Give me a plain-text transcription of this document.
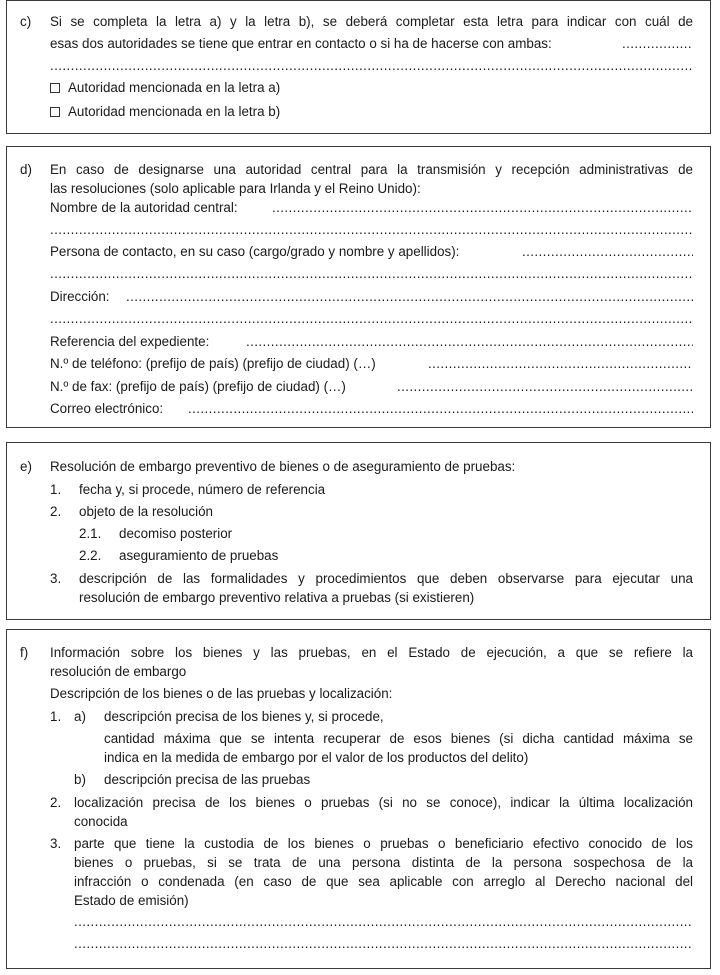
c) Si se completa la letra a) y la letra b), se deberá completar esta letra para indicar con cuál de
esas dos autoridades se tiene que entrar en contacto o si ha de hacerse con ambas:
.....
.....
Autoridad mencionada en la letra a)
Autoridad mencionada en la letra b)
d) En caso de designarse una autoridad central para la transmisión y recepción administrativas de
las resoluciones (solo aplicable para Irlanda y el Reino Unido):
Nombre de la autoridad central:
.....
.....
Persona de contacto, en su caso (cargo/grado y nombre y apellidos):
.....
.....
Dirección:
.....
.....
Referencia del expediente:
.....
N.º de teléfono: (prefijo de país) (prefijo de ciudad) (…)
.....
N.º de fax: (prefijo de país) (prefijo de ciudad) (…)
.....
Correo electrónico:
.....
e) Resolución de embargo preventivo de bienes o de aseguramiento de pruebas:
1. fecha y, si procede, número de referencia
2. objeto de la resolución
2.1. decomiso posterior
2.2. aseguramiento de pruebas
3. descripción de las formalidades y procedimientos que deben observarse para ejecutar una
resolución de embargo preventivo relativa a pruebas (si existieren)
f) Información sobre los bienes y las pruebas, en el Estado de ejecución, a que se refiere la
resolución de embargo
Descripción de los bienes o de las pruebas y localización:
1. a) descripción precisa de los bienes y, si procede,
cantidad máxima que se intenta recuperar de esos bienes (si dicha cantidad máxima se
indica en la medida de embargo por el valor de los productos del delito)
b) descripción precisa de las pruebas
2. localización precisa de los bienes o pruebas (si no se conoce), indicar la última localización
conocida
3. parte que tiene la custodia de los bienes o pruebas o beneficiario efectivo conocido de los
bienes o pruebas, si se trata de una persona distinta de la persona sospechosa de la
infracción o condenada (en caso de que sea aplicable con arreglo al Derecho nacional del
Estado de emisión)
.....
.....
